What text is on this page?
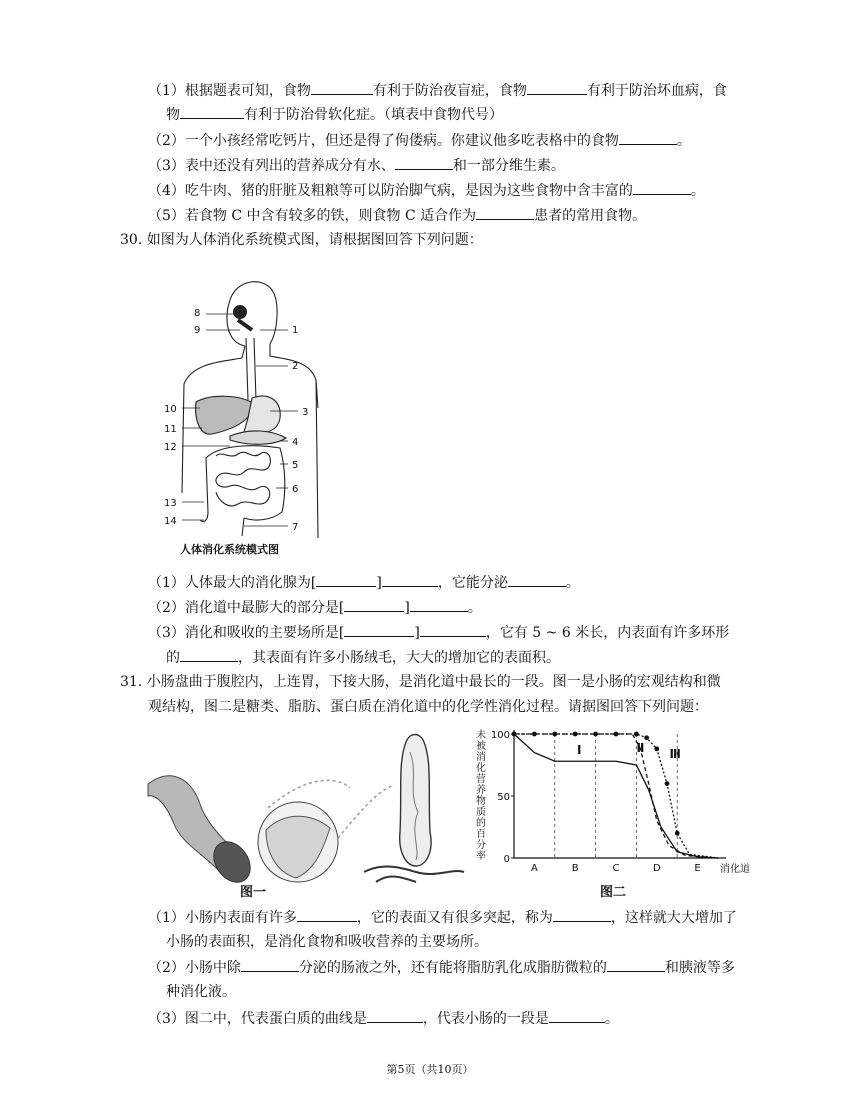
（1）根据题表可知，食物	有利于防治夜盲症，食物	有利于防治坏血病，食
物	有利于防治骨软化症。（填表中食物代号）
（2）一个小孩经常吃钙片，但还是得了佝偻病。你建议他多吃表格中的食物	。
（3）表中还没有列出的营养成分有水、	和一部分维生素。
（4）吃牛肉、猪的肝脏及粗粮等可以防治脚气病，是因为这些食物中含丰富的	。
（5）若食物 C 中含有较多的铁，则食物 C 适合作为	患者的常用食物。
30. 如图为人体消化系统模式图，请根据图回答下列问题：
8
9	1
2
10	3
11
12	4
5
6
13
14
7
人体消化系统模式图
（1）人体最大的消化腺为[	]	，它能分泌	。
（2）消化道中最膨大的部分是[	]	。
（3）消化和吸收的主要场所是[	]	，它有 5 ~ 6 米长，内表面有许多环形
的	，其表面有许多小肠绒毛，大大的增加它的表面积。
31. 小肠盘曲于腹腔内，上连胃，下接大肠，是消化道中最长的一段。图一是小肠的宏观结构和微
观结构，图二是糖类、脂肪、蛋白质在消化道中的化学性消化过程。请据图回答下列问题：
图一
未
被
消
化
营
养
物
质
的
百
分
率 0
50
100
A	B	C	D	E
Ⅰ	Ⅱ Ⅲ
消化道
图二
（1）小肠内表面有许多	，它的表面又有很多突起，称为	，这样就大大增加了
小肠的表面积，是消化食物和吸收营养的主要场所。
（2）小肠中除	分泌的肠液之外，还有能将脂肪乳化成脂肪微粒的	和胰液等多
种消化液。
（3）图二中，代表蛋白质的曲线是	，代表小肠的一段是	。
第5页（共10页）
